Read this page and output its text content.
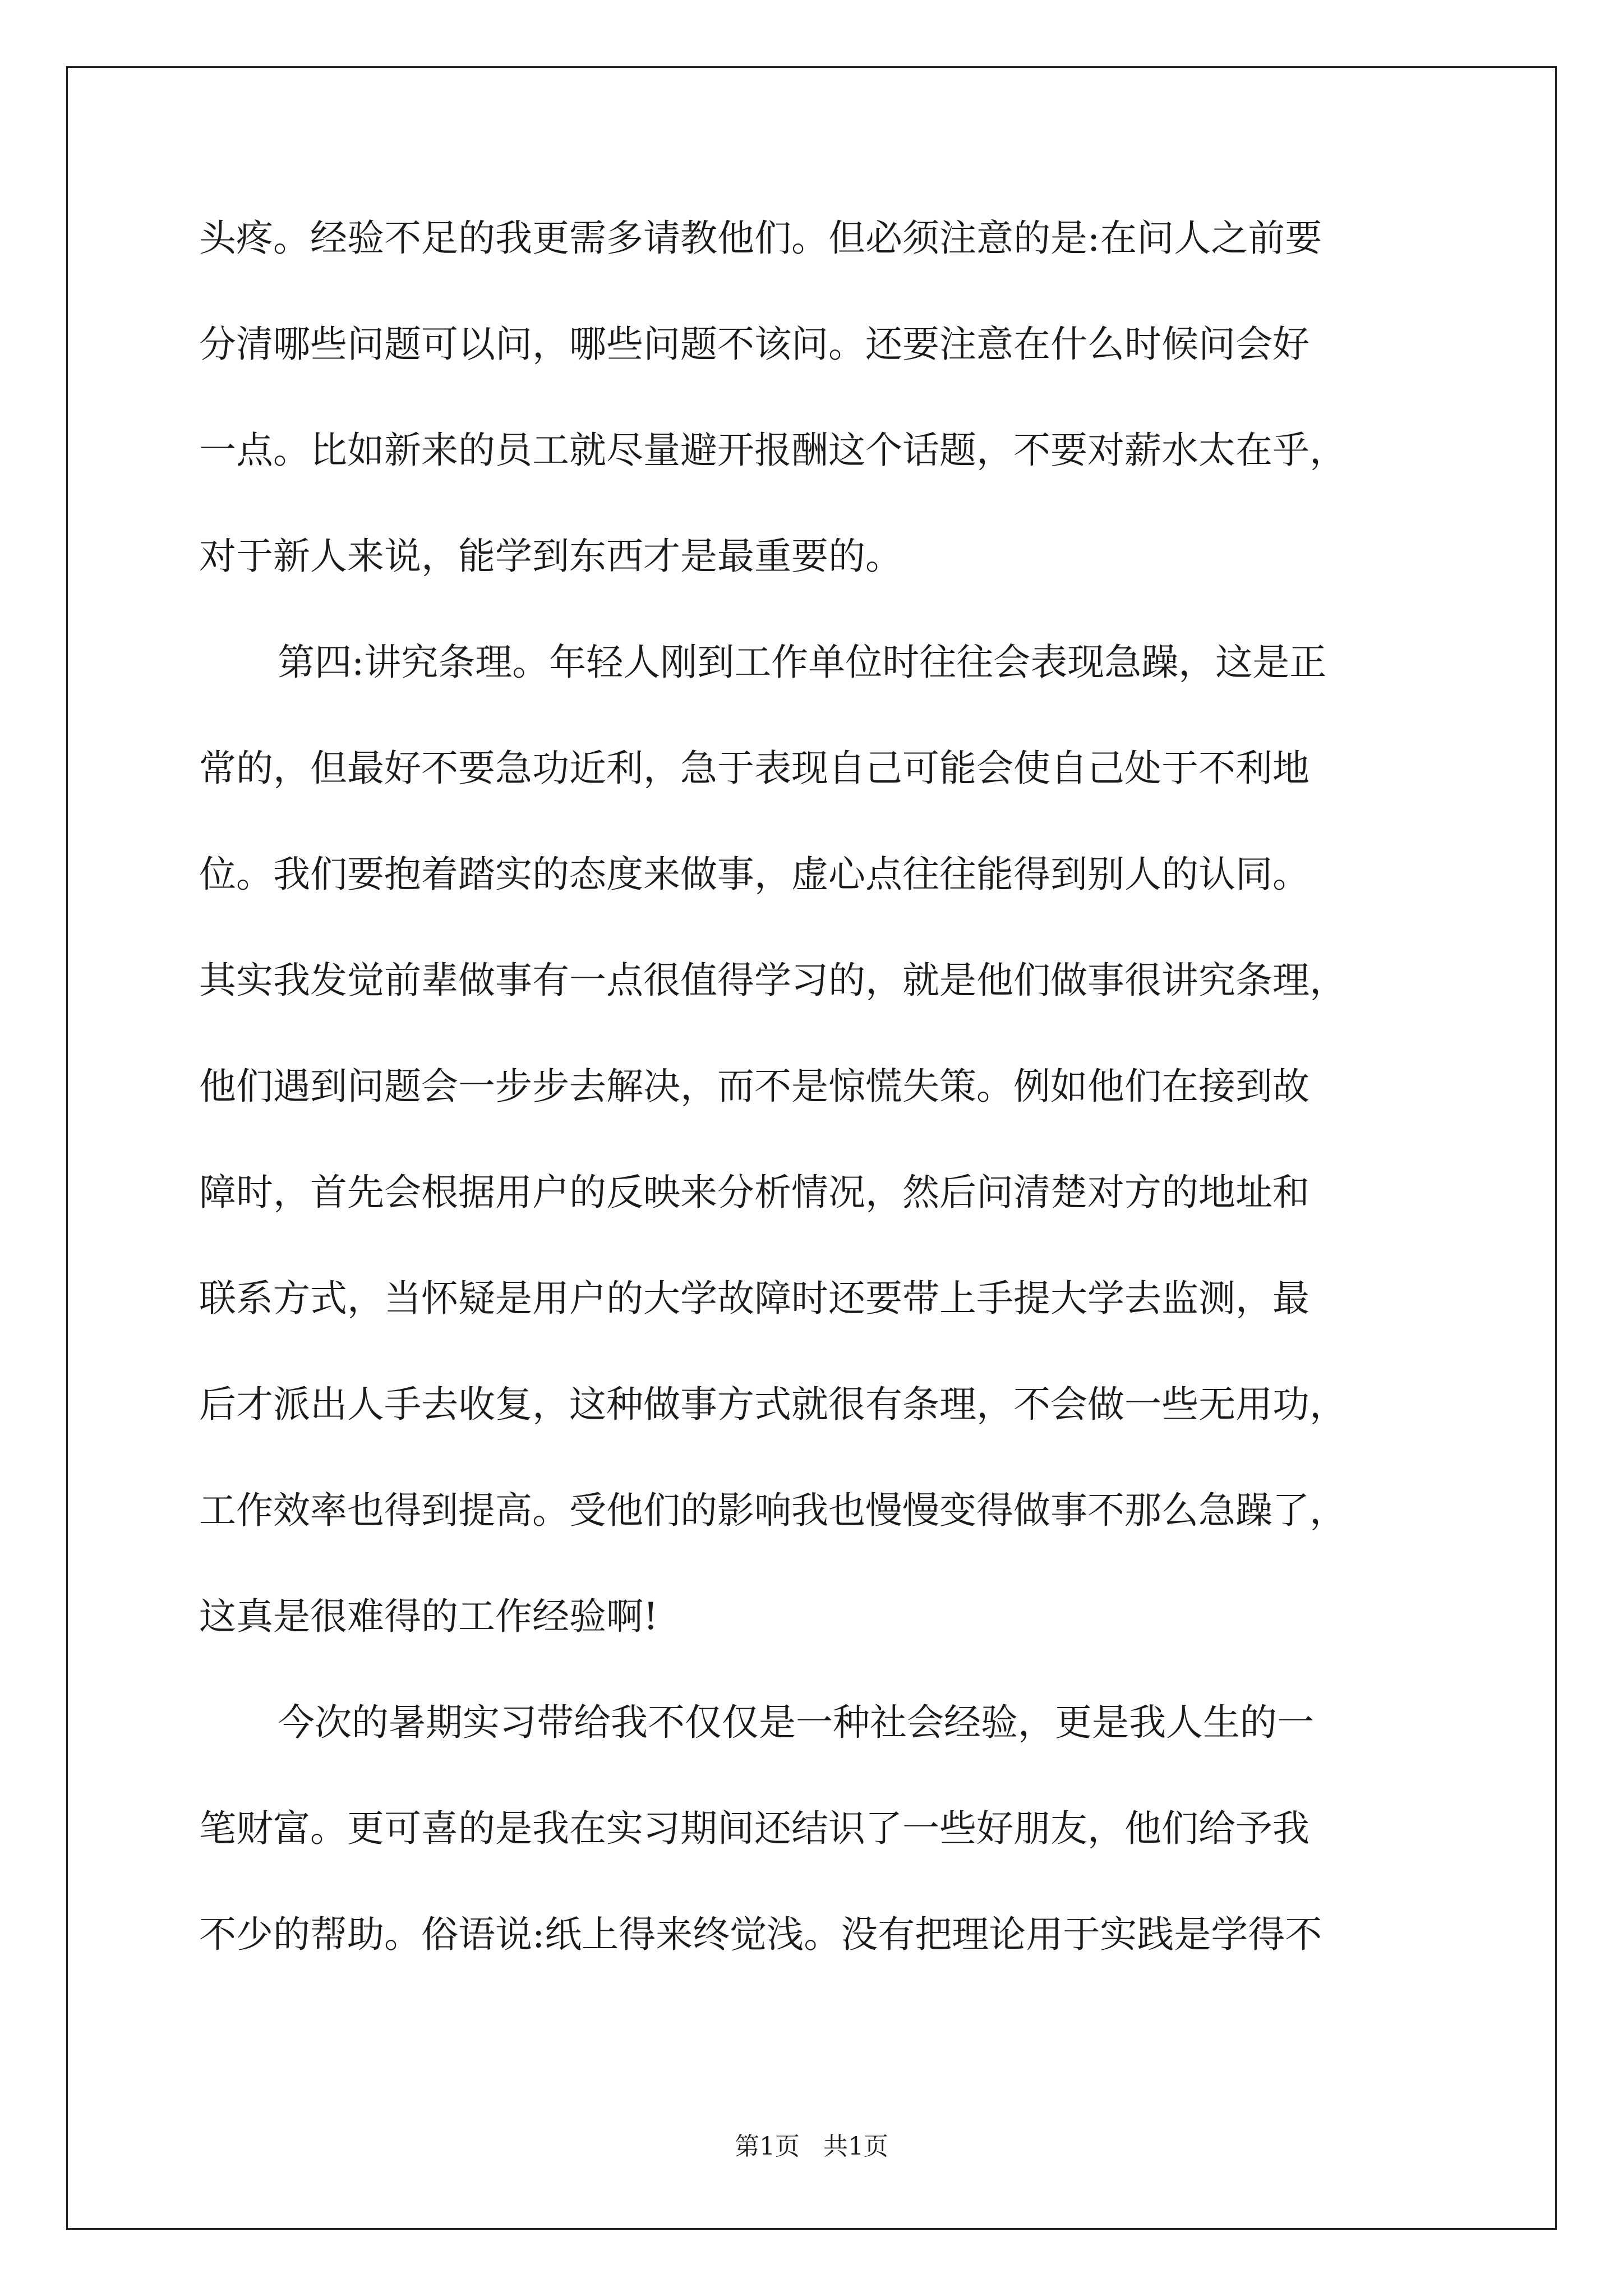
头疼。经验不足的我更需多请教他们。但必须注意的是:在问人之前要
分清哪些问题可以问，哪些问题不该问。还要注意在什么时候问会好
一点。比如新来的员工就尽量避开报酬这个话题，不要对薪水太在乎，
对于新人来说，能学到东西才是最重要的。
第四:讲究条理。年轻人刚到工作单位时往往会表现急躁，这是正
常的，但最好不要急功近利，急于表现自己可能会使自己处于不利地
位。我们要抱着踏实的态度来做事，虚心点往往能得到别人的认同。
其实我发觉前辈做事有一点很值得学习的，就是他们做事很讲究条理，
他们遇到问题会一步步去解决，而不是惊慌失策。例如他们在接到故
障时，首先会根据用户的反映来分析情况，然后问清楚对方的地址和
联系方式，当怀疑是用户的大学故障时还要带上手提大学去监测，最
后才派出人手去收复，这种做事方式就很有条理，不会做一些无用功，
工作效率也得到提高。受他们的影响我也慢慢变得做事不那么急躁了，
这真是很难得的工作经验啊!
今次的暑期实习带给我不仅仅是一种社会经验，更是我人生的一
笔财富。更可喜的是我在实习期间还结识了一些好朋友，他们给予我
不少的帮助。俗语说:纸上得来终觉浅。没有把理论用于实践是学得不
第1页   共1页
